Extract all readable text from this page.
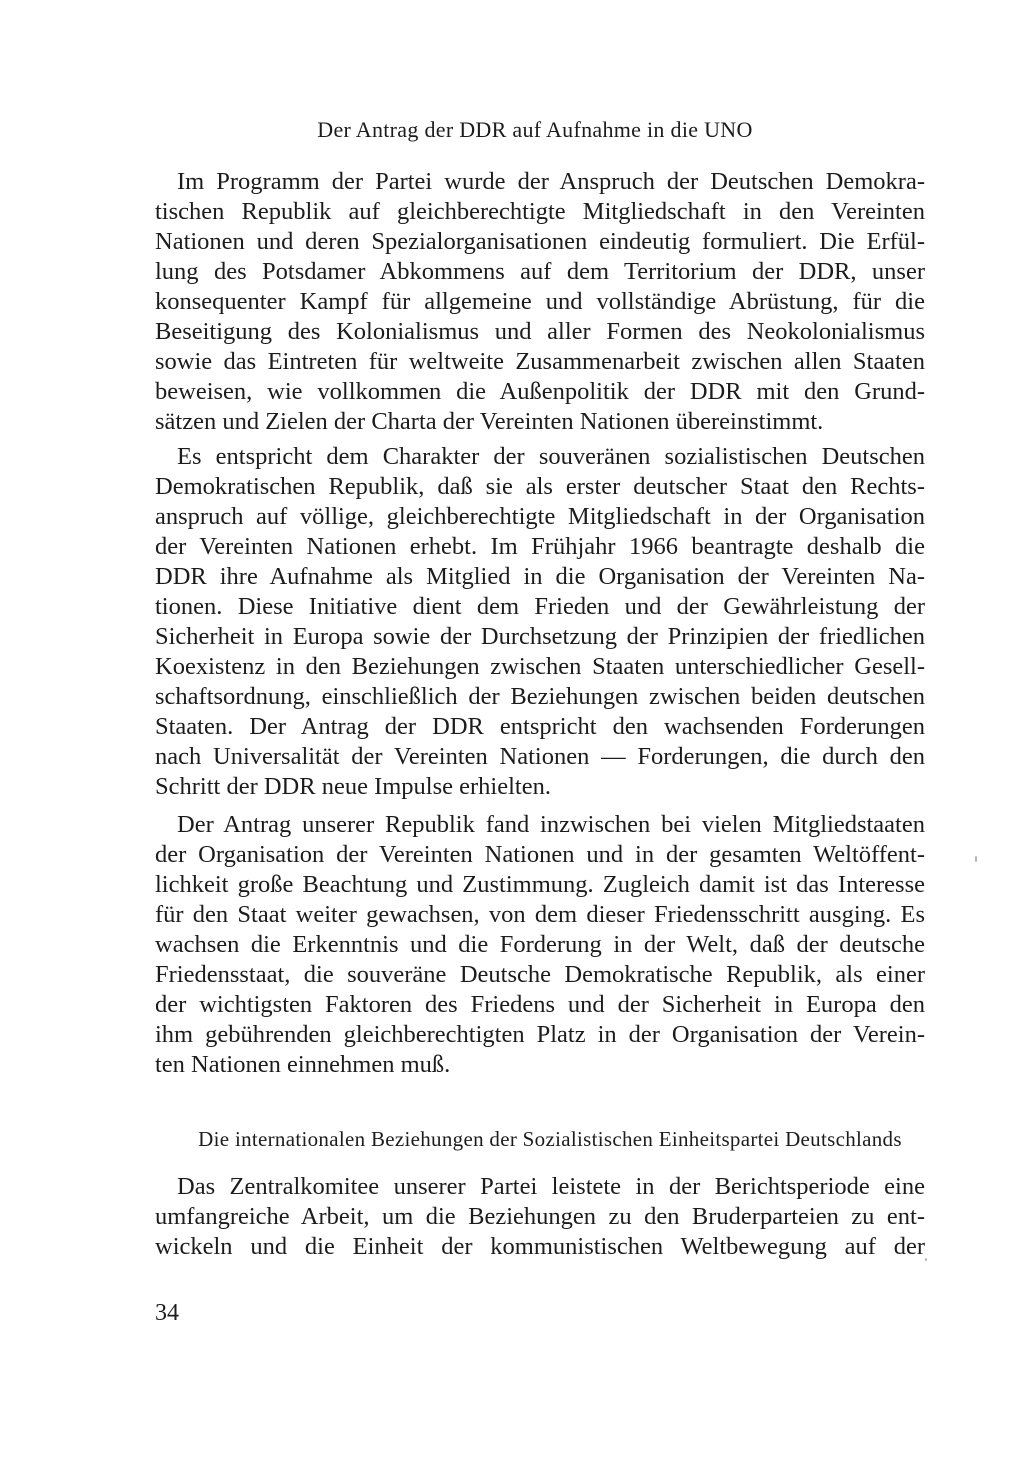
Der Antrag der DDR auf Aufnahme in die UNO
Im Programm der Partei wurde der Anspruch der Deutschen Demokra-
tischen Republik auf gleichberechtigte Mitgliedschaft in den Vereinten
Nationen und deren Spezialorganisationen eindeutig formuliert. Die Erfül-
lung des Potsdamer Abkommens auf dem Territorium der DDR, unser
konsequenter Kampf für allgemeine und vollständige Abrüstung, für die
Beseitigung des Kolonialismus und aller Formen des Neokolonialismus
sowie das Eintreten für weltweite Zusammenarbeit zwischen allen Staaten
beweisen, wie vollkommen die Außenpolitik der DDR mit den Grund-
sätzen und Zielen der Charta der Vereinten Nationen übereinstimmt.
Es entspricht dem Charakter der souveränen sozialistischen Deutschen
Demokratischen Republik, daß sie als erster deutscher Staat den Rechts-
anspruch auf völlige, gleichberechtigte Mitgliedschaft in der Organisation
der Vereinten Nationen erhebt. Im Frühjahr 1966 beantragte deshalb die
DDR ihre Aufnahme als Mitglied in die Organisation der Vereinten Na-
tionen. Diese Initiative dient dem Frieden und der Gewährleistung der
Sicherheit in Europa sowie der Durchsetzung der Prinzipien der friedlichen
Koexistenz in den Beziehungen zwischen Staaten unterschiedlicher Gesell-
schaftsordnung, einschließlich der Beziehungen zwischen beiden deutschen
Staaten. Der Antrag der DDR entspricht den wachsenden Forderungen
nach Universalität der Vereinten Nationen — Forderungen, die durch den
Schritt der DDR neue Impulse erhielten.
Der Antrag unserer Republik fand inzwischen bei vielen Mitgliedstaaten
der Organisation der Vereinten Nationen und in der gesamten Weltöffent-
lichkeit große Beachtung und Zustimmung. Zugleich damit ist das Interesse
für den Staat weiter gewachsen, von dem dieser Friedensschritt ausging. Es
wachsen die Erkenntnis und die Forderung in der Welt, daß der deutsche
Friedensstaat, die souveräne Deutsche Demokratische Republik, als einer
der wichtigsten Faktoren des Friedens und der Sicherheit in Europa den
ihm gebührenden gleichberechtigten Platz in der Organisation der Verein-
ten Nationen einnehmen muß.
Die internationalen Beziehungen der Sozialistischen Einheitspartei Deutschlands
Das Zentralkomitee unserer Partei leistete in der Berichtsperiode eine
umfangreiche Arbeit, um die Beziehungen zu den Bruderparteien zu ent-
wickeln und die Einheit der kommunistischen Weltbewegung auf der
34
